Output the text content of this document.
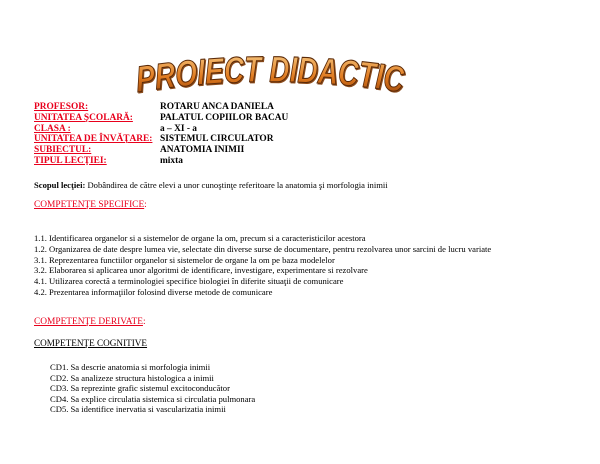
PROIECT DIDACTIC
PROFESOR:	ROTARU ANCA DANIELA
UNITATEA ŞCOLARĂ:	PALATUL COPIILOR BACAU
CLASA :	a – XI - a
UNITATEA DE ÎNVĂŢARE: SISTEMUL CIRCULATOR
SUBIECTUL:	ANATOMIA INIMII
TIPUL LECŢIEI:	mixta
Scopul lecţiei: Dobândirea de către elevi a unor cunoştinţe referitoare la anatomia şi morfologia inimii
COMPETENŢE SPECIFICE:
1.1. Identificarea organelor si a sistemelor de organe la om, precum si a caracteristicilor acestora
1.2. Organizarea de date despre lumea vie, selectate din diverse surse de documentare, pentru rezolvarea unor sarcini de lucru variate
3.1. Reprezentarea functiilor organelor si sistemelor de organe la om pe baza modelelor
3.2. Elaborarea si aplicarea unor algoritmi de identificare, investigare, experimentare si rezolvare
4.1. Utilizarea corectă a terminologiei specifice biologiei în diferite situaţii de comunicare
4.2. Prezentarea informaţiilor folosind diverse metode de comunicare
COMPETENŢE DERIVATE:
COMPETENŢE COGNITIVE
CD1. Sa descrie anatomia si morfologia inimii
CD2. Sa analizeze structura histologica a inimii
CD3. Sa reprezinte grafic sistemul excitoconducător
CD4. Sa explice circulatia sistemica si circulatia pulmonara
CD5. Sa identifice inervatia si vascularizatia inimii
